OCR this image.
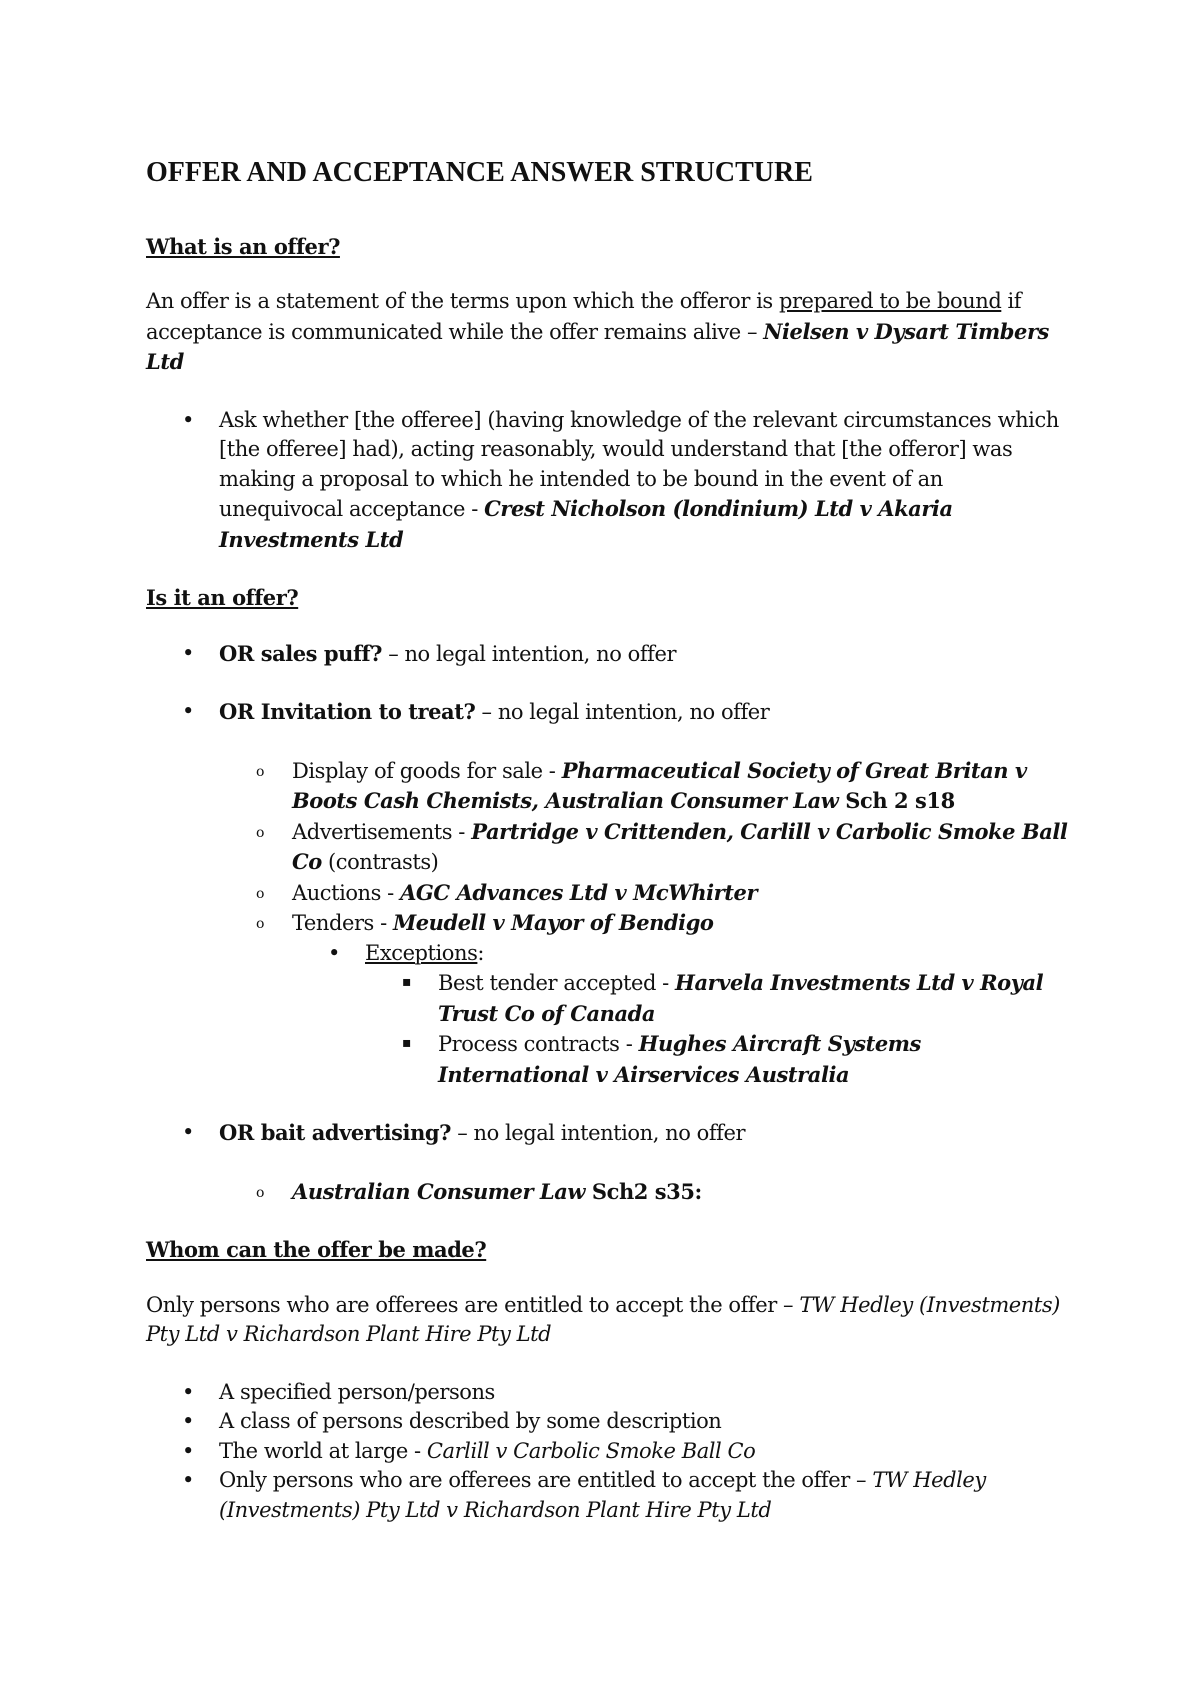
OFFER AND ACCEPTANCE ANSWER STRUCTURE
What is an offer?

An offer is a statement of the terms upon which the offeror is prepared to be bound if acceptance is communicated while the offer remains alive – Nielsen v Dysart Timbers Ltd

• Ask whether [the offeree] (having knowledge of the relevant circumstances which [the offeree] had), acting reasonably, would understand that [the offeror] was making a proposal to which he intended to be bound in the event of an unequivocal acceptance - Crest Nicholson (londinium) Ltd v Akaria Investments Ltd
Is it an offer?
• OR sales puff? – no legal intention, no offer
• OR Invitation to treat? – no legal intention, no offer
o Display of goods for sale - Pharmaceutical Society of Great Britan v Boots Cash Chemists, Australian Consumer Law Sch 2 s18
o Advertisements - Partridge v Crittenden, Carlill v Carbolic Smoke Ball Co (contrasts)
o Auctions - AGC Advances Ltd v McWhirter
o Tenders - Meudell v Mayor of Bendigo
• Exceptions:
▪ Best tender accepted - Harvela Investments Ltd v Royal Trust Co of Canada
▪ Process contracts - Hughes Aircraft Systems International v Airservices Australia
• OR bait advertising? – no legal intention, no offer
o Australian Consumer Law Sch2 s35:
Whom can the offer be made?

Only persons who are offerees are entitled to accept the offer – TW Hedley (Investments) Pty Ltd v Richardson Plant Hire Pty Ltd

• A specified person/persons
• A class of persons described by some description
• The world at large - Carlill v Carbolic Smoke Ball Co
• Only persons who are offerees are entitled to accept the offer – TW Hedley (Investments) Pty Ltd v Richardson Plant Hire Pty Ltd
